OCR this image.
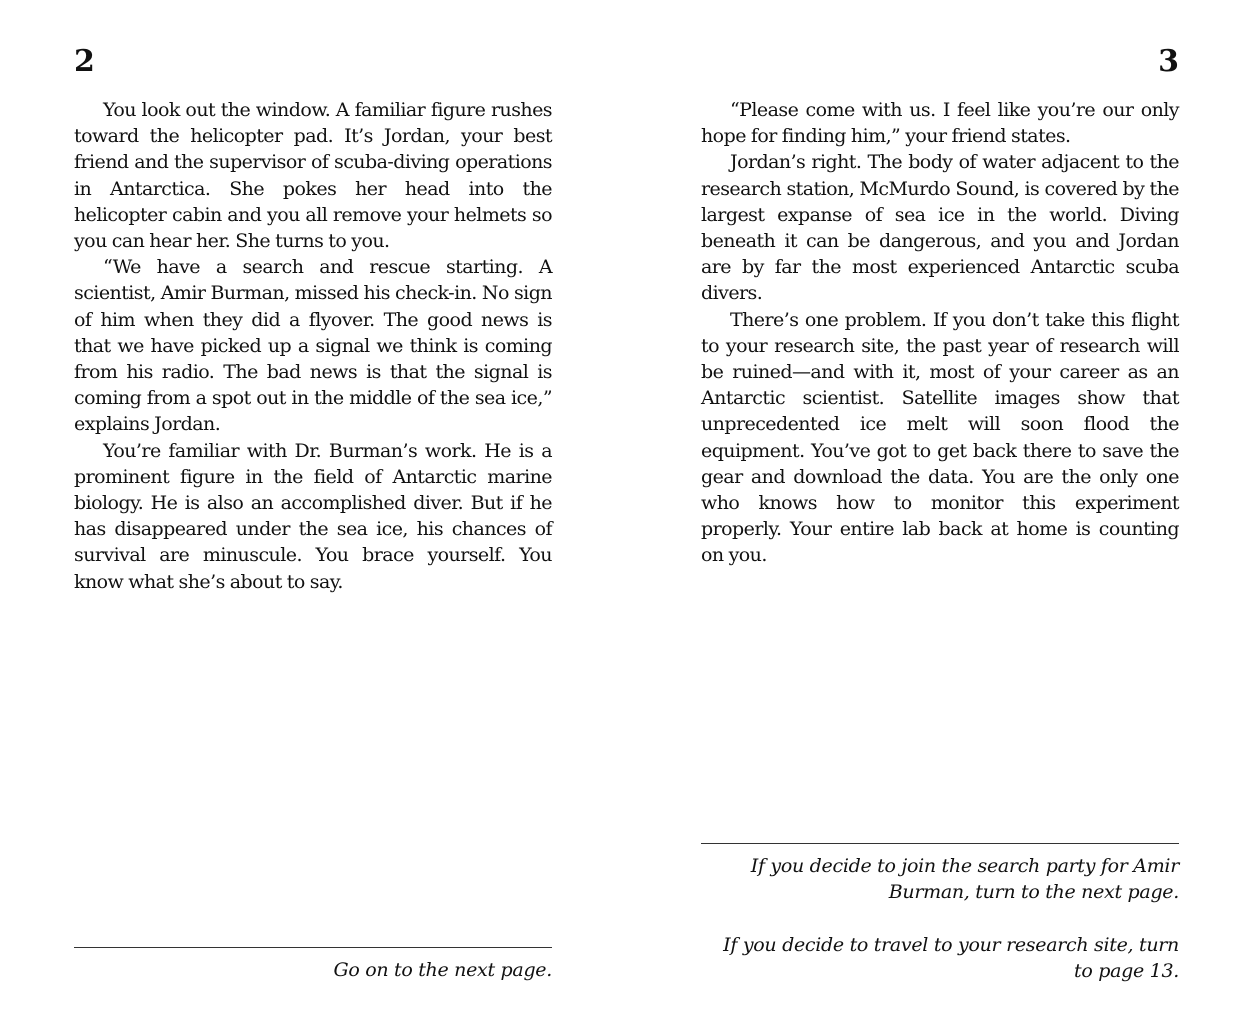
2

You look out the window. A familiar figure rushes toward the helicopter pad. It’s Jordan, your best friend and the supervisor of scuba-diving operations in Antarctica. She pokes her head into the helicopter cabin and you all remove your helmets so you can hear her. She turns to you.

“We have a search and rescue starting. A scientist, Amir Burman, missed his check-in. No sign of him when they did a flyover. The good news is that we have picked up a signal we think is coming from his radio. The bad news is that the signal is coming from a spot out in the middle of the sea ice,” explains Jordan.

You’re familiar with Dr. Burman’s work. He is a prominent figure in the field of Antarctic marine biology. He is also an accomplished diver. But if he has disappeared under the sea ice, his chances of survival are minuscule. You brace yourself. You know what she’s about to say.

Go on to the next page.

3

“Please come with us. I feel like you’re our only hope for finding him,” your friend states.

Jordan’s right. The body of water adjacent to the research station, McMurdo Sound, is covered by the largest expanse of sea ice in the world. Diving beneath it can be dangerous, and you and Jordan are by far the most experienced Antarctic scuba divers.

There’s one problem. If you don’t take this flight to your research site, the past year of research will be ruined—and with it, most of your career as an Antarctic scientist. Satellite images show that unprecedented ice melt will soon flood the equipment. You’ve got to get back there to save the gear and download the data. You are the only one who knows how to monitor this experiment properly. Your entire lab back at home is counting on you.

If you decide to join the search party for Amir Burman, turn to the next page.

If you decide to travel to your research site, turn to page 13.
